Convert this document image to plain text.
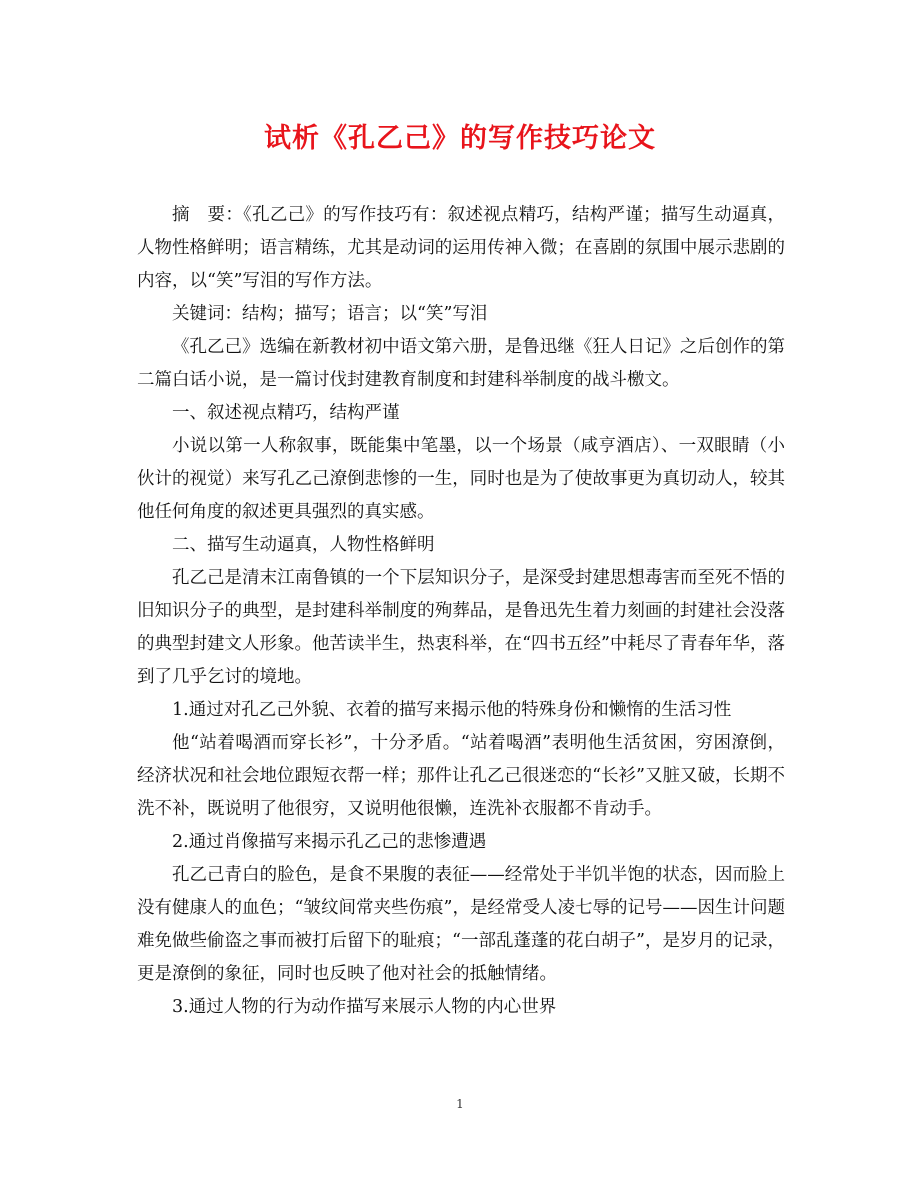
试析《孔乙己》的写作技巧论文

摘　要：《孔乙己》的写作技巧有：叙述视点精巧，结构严谨；描写生动逼真，人物性格鲜明；语言精练，尤其是动词的运用传神入微；在喜剧的氛围中展示悲剧的内容，以“笑”写泪的写作方法。

关键词：结构；描写；语言；以“笑”写泪

《孔乙己》选编在新教材初中语文第六册，是鲁迅继《狂人日记》之后创作的第二篇白话小说，是一篇讨伐封建教育制度和封建科举制度的战斗檄文。

一、叙述视点精巧，结构严谨

小说以第一人称叙事，既能集中笔墨，以一个场景（咸亨酒店）、一双眼睛（小伙计的视觉）来写孔乙己潦倒悲惨的一生，同时也是为了使故事更为真切动人，较其他任何角度的叙述更具强烈的真实感。

二、描写生动逼真，人物性格鲜明

孔乙己是清末江南鲁镇的一个下层知识分子，是深受封建思想毒害而至死不悟的旧知识分子的典型，是封建科举制度的殉葬品，是鲁迅先生着力刻画的封建社会没落的典型封建文人形象。他苦读半生，热衷科举，在“四书五经”中耗尽了青春年华，落到了几乎乞讨的境地。

1.通过对孔乙己外貌、衣着的描写来揭示他的特殊身份和懒惰的生活习性

他“站着喝酒而穿长衫”，十分矛盾。“站着喝酒”表明他生活贫困，穷困潦倒，经济状况和社会地位跟短衣帮一样；那件让孔乙己很迷恋的“长衫”又脏又破，长期不洗不补，既说明了他很穷，又说明他很懒，连洗补衣服都不肯动手。

2.通过肖像描写来揭示孔乙己的悲惨遭遇

孔乙己青白的脸色，是食不果腹的表征——经常处于半饥半饱的状态，因而脸上没有健康人的血色；“皱纹间常夹些伤痕”，是经常受人凌七辱的记号——因生计问题难免做些偷盗之事而被打后留下的耻痕；“一部乱蓬蓬的花白胡子”，是岁月的记录，更是潦倒的象征，同时也反映了他对社会的抵触情绪。

3.通过人物的行为动作描写来展示人物的内心世界

1
